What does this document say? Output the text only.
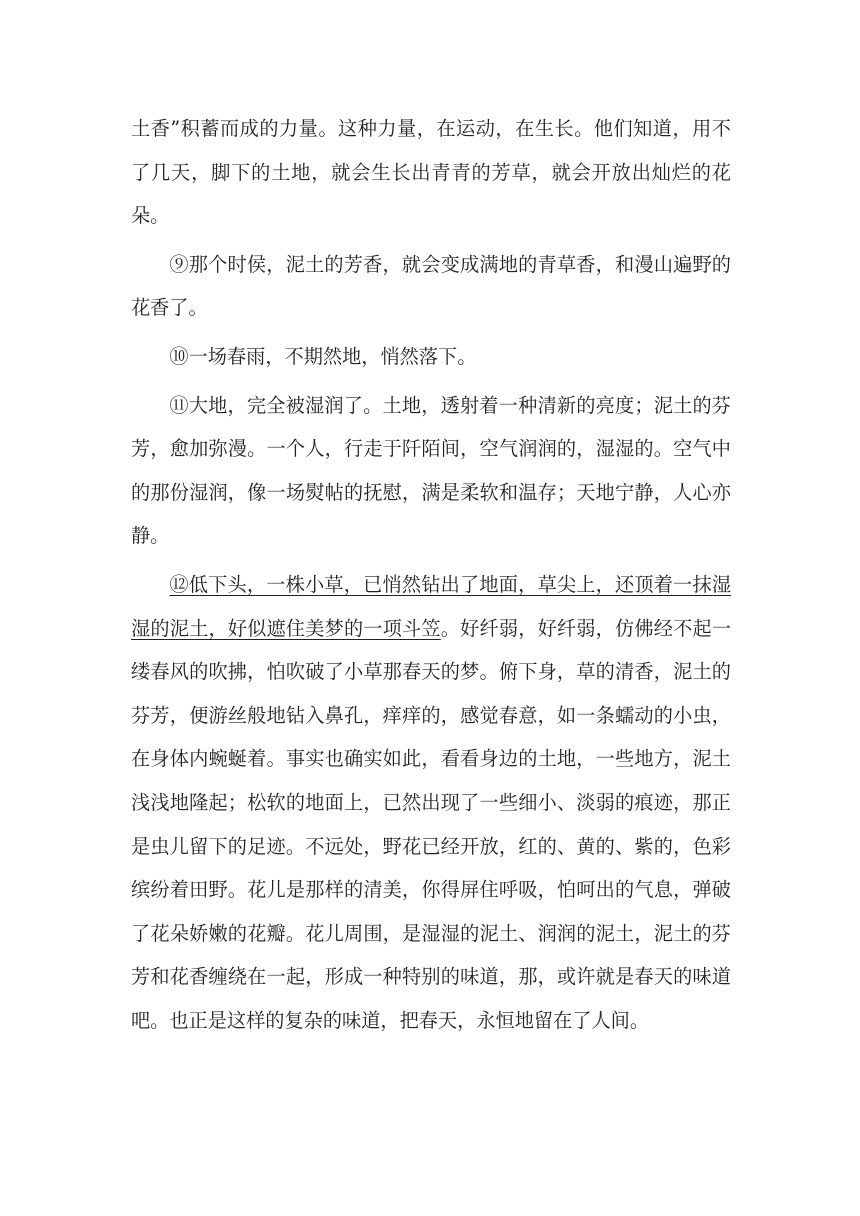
土香”积蓄而成的力量。这种力量，在运动，在生长。他们知道，用不了几天，脚下的土地，就会生长出青青的芳草，就会开放出灿烂的花朵。

⑨那个时侯，泥土的芳香，就会变成满地的青草香，和漫山遍野的花香了。

⑩一场春雨，不期然地，悄然落下。

⑪大地，完全被湿润了。土地，透射着一种清新的亮度；泥土的芬芳，愈加弥漫。一个人，行走于阡陌间，空气润润的，湿湿的。空气中的那份湿润，像一场熨帖的抚慰，满是柔软和温存；天地宁静，人心亦静。

⑫低下头，一株小草，已悄然钻出了地面，草尖上，还顶着一抹湿湿的泥土，好似遮住美梦的一项斗笠。好纤弱，好纤弱，仿佛经不起一缕春风的吹拂，怕吹破了小草那春天的梦。俯下身，草的清香，泥土的芬芳，便游丝般地钻入鼻孔，痒痒的，感觉春意，如一条蠕动的小虫，在身体内蜿蜒着。事实也确实如此，看看身边的土地，一些地方，泥土浅浅地隆起；松软的地面上，已然出现了一些细小、淡弱的痕迹，那正是虫儿留下的足迹。不远处，野花已经开放，红的、黄的、紫的，色彩缤纷着田野。花儿是那样的清美，你得屏住呼吸，怕呵出的气息，弹破了花朵娇嫩的花瓣。花儿周围，是湿湿的泥土、润润的泥土，泥土的芬芳和花香缠绕在一起，形成一种特别的味道，那，或许就是春天的味道吧。也正是这样的复杂的味道，把春天，永恒地留在了人间。
